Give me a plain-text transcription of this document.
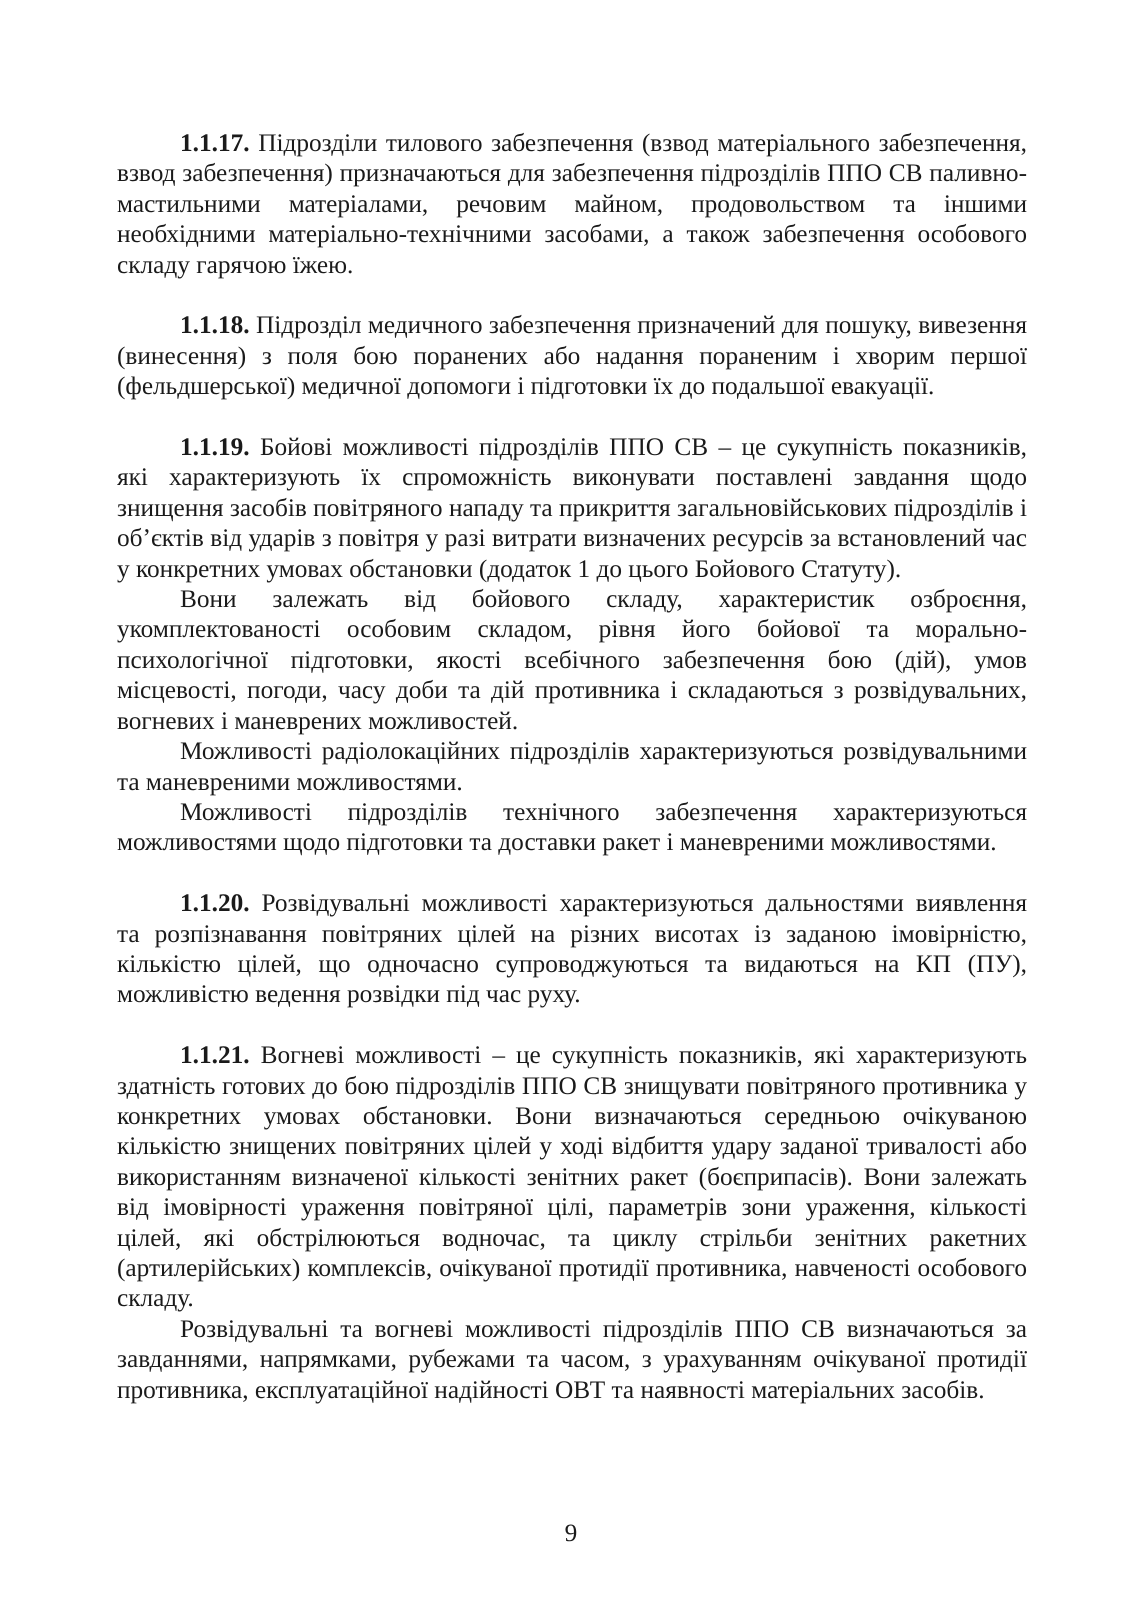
1.1.17. Підрозділи тилового забезпечення (взвод матеріального забезпечення, взвод забезпечення) призначаються для забезпечення підрозділів ППО СВ паливно-мастильними матеріалами, речовим майном, продовольством та іншими необхідними матеріально-технічними засобами, а також забезпечення особового складу гарячою їжею.

1.1.18. Підрозділ медичного забезпечення призначений для пошуку, вивезення (винесення) з поля бою поранених або надання пораненим і хворим першої (фельдшерської) медичної допомоги і підготовки їх до подальшої евакуації.

1.1.19. Бойові можливості підрозділів ППО СВ – це сукупність показників, які характеризують їх спроможність виконувати поставлені завдання щодо знищення засобів повітряного нападу та прикриття загальновійськових підрозділів і об’єктів від ударів з повітря у разі витрати визначених ресурсів за встановлений час у конкретних умовах обстановки (додаток 1 до цього Бойового Статуту).

Вони залежать від бойового складу, характеристик озброєння, укомплектованості особовим складом, рівня його бойової та морально-психологічної підготовки, якості всебічного забезпечення бою (дій), умов місцевості, погоди, часу доби та дій противника і складаються з розвідувальних, вогневих і маневрених можливостей.

Можливості радіолокаційних підрозділів характеризуються розвідувальними та маневреними можливостями.

Можливості підрозділів технічного забезпечення характеризуються можливостями щодо підготовки та доставки ракет і маневреними можливостями.

1.1.20. Розвідувальні можливості характеризуються дальностями виявлення та розпізнавання повітряних цілей на різних висотах із заданою імовірністю, кількістю цілей, що одночасно супроводжуються та видаються на КП (ПУ), можливістю ведення розвідки під час руху.

1.1.21. Вогневі можливості – це сукупність показників, які характеризують здатність готових до бою підрозділів ППО СВ знищувати повітряного противника у конкретних умовах обстановки. Вони визначаються середньою очікуваною кількістю знищених повітряних цілей у ході відбиття удару заданої тривалості або використанням визначеної кількості зенітних ракет (боєприпасів). Вони залежать від імовірності ураження повітряної цілі, параметрів зони ураження, кількості цілей, які обстрілюються водночас, та циклу стрільби зенітних ракетних (артилерійських) комплексів, очікуваної протидії противника, навченості особового складу.

Розвідувальні та вогневі можливості підрозділів ППО СВ визначаються за завданнями, напрямками, рубежами та часом, з урахуванням очікуваної протидії противника, експлуатаційної надійності ОВТ та наявності матеріальних засобів.

9
